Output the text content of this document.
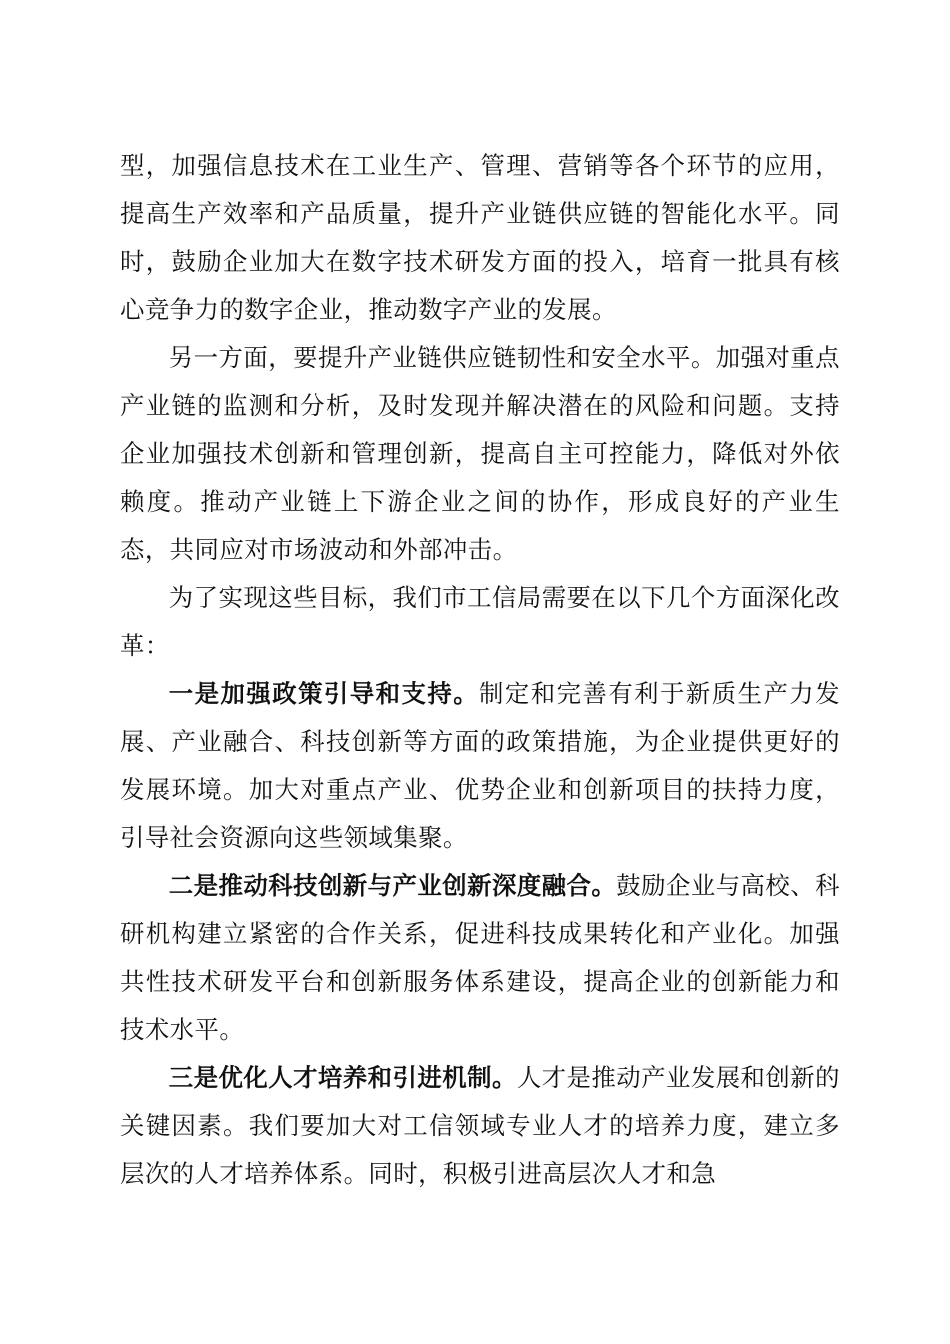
型，加强信息技术在工业生产、管理、营销等各个环节的应用，提高生产效率和产品质量，提升产业链供应链的智能化水平。同时，鼓励企业加大在数字技术研发方面的投入，培育一批具有核心竞争力的数字企业，推动数字产业的发展。

另一方面，要提升产业链供应链韧性和安全水平。加强对重点产业链的监测和分析，及时发现并解决潜在的风险和问题。支持企业加强技术创新和管理创新，提高自主可控能力，降低对外依赖度。推动产业链上下游企业之间的协作，形成良好的产业生态，共同应对市场波动和外部冲击。

为了实现这些目标，我们市工信局需要在以下几个方面深化改革：

一是加强政策引导和支持。制定和完善有利于新质生产力发展、产业融合、科技创新等方面的政策措施，为企业提供更好的发展环境。加大对重点产业、优势企业和创新项目的扶持力度，引导社会资源向这些领域集聚。

二是推动科技创新与产业创新深度融合。鼓励企业与高校、科研机构建立紧密的合作关系，促进科技成果转化和产业化。加强共性技术研发平台和创新服务体系建设，提高企业的创新能力和技术水平。

三是优化人才培养和引进机制。人才是推动产业发展和创新的关键因素。我们要加大对工信领域专业人才的培养力度，建立多层次的人才培养体系。同时，积极引进高层次人才和急
